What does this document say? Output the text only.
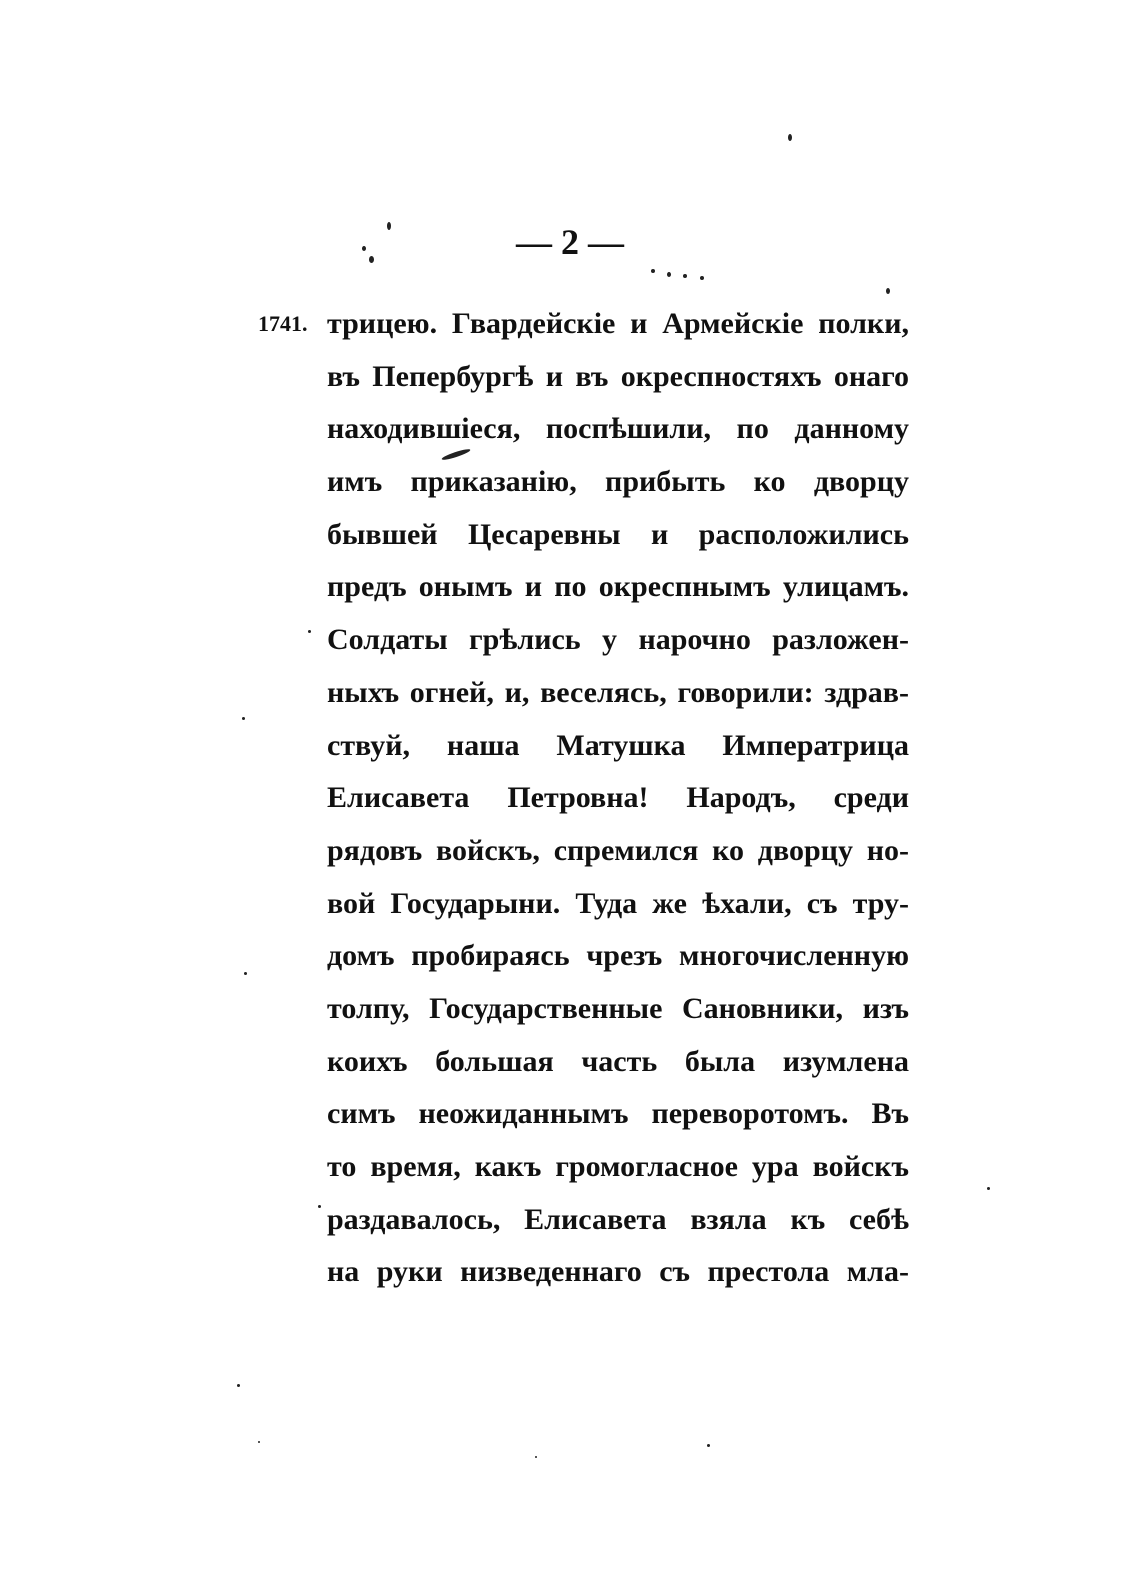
— 2 —
1741. трицею. Гвардейскіе и Армейскіе полки,
въ Пепербургѣ и въ окреспностяхъ онаго
находившіеся, поспѣшили, по данному
имъ приказанію, прибыть ко дворцу
бывшей Цесаревны и расположились
предъ онымъ и по окреспнымъ улицамъ.
Солдаты грѣлись у нарочно разложен-
ныхъ огней, и, веселясь, говорили: здрав-
ствуй, наша Матушка Императрица
Елисавета Петровна! Народъ, среди
рядовъ войскъ, спремился ко дворцу но-
вой Государыни. Туда же ѣхали, съ тру-
домъ пробираясь чрезъ многочисленную
толпу, Государственные Сановники, изъ
коихъ большая часть была изумлена
симъ неожиданнымъ переворотомъ. Въ
то время, какъ громогласное ура войскъ
раздавалось, Елисавета взяла къ себѣ
на руки низведеннаго съ престола мла-
